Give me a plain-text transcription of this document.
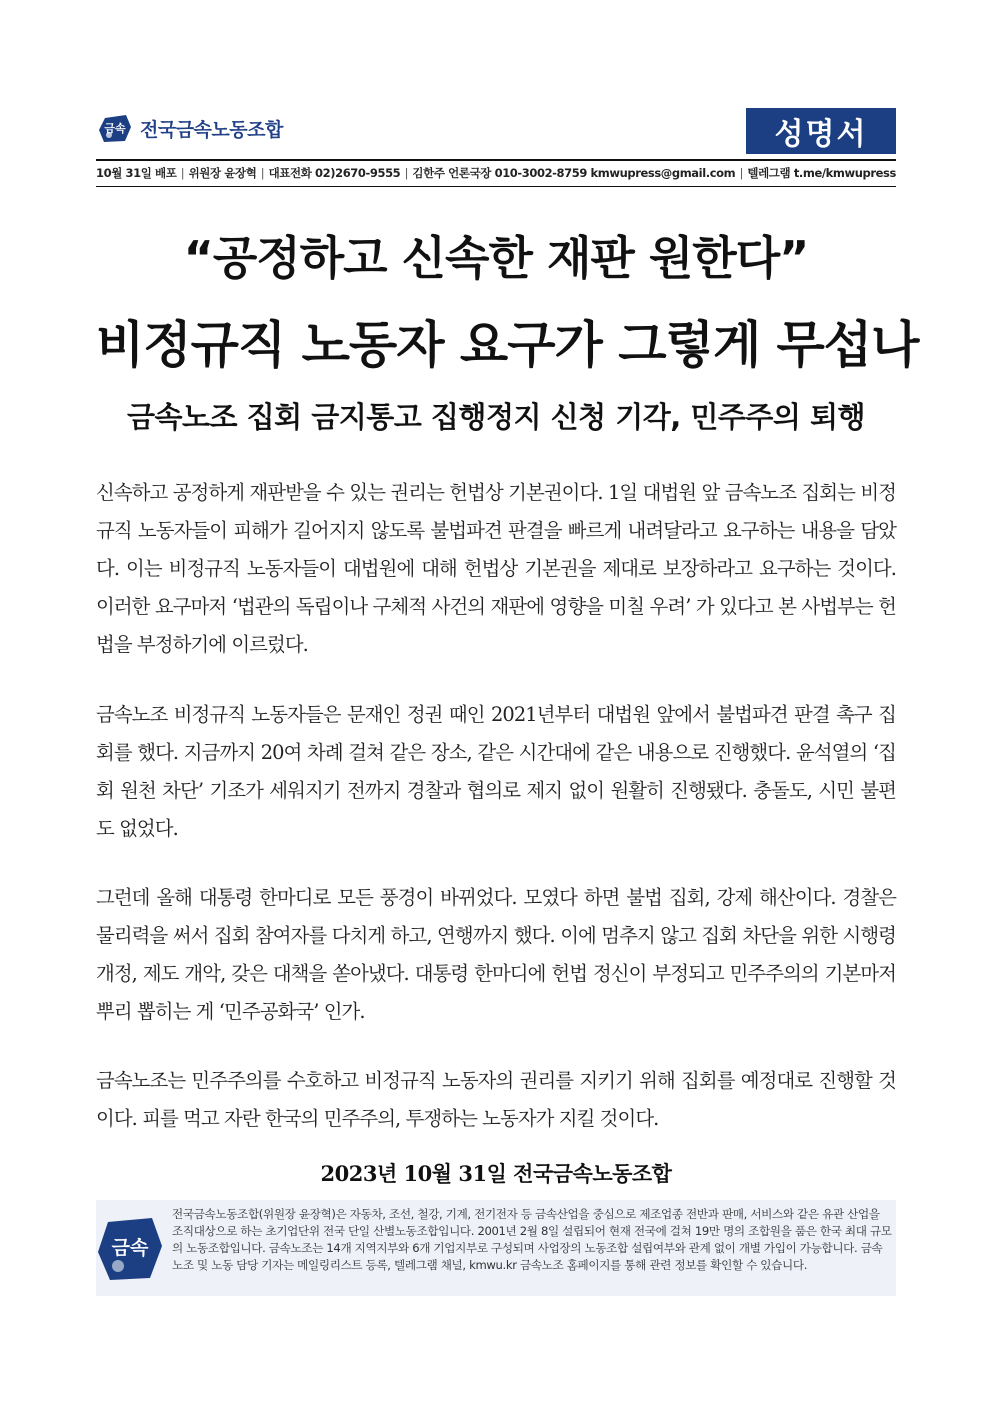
금속 전국금속노동조합	성명서
10월 31일 배포 | 위원장 윤장혁 | 대표전화 02)2670-9555 | 김한주 언론국장 010-3002-8759 kmwupress@gmail.com | 텔레그램 t.me/kmwupress
“공정하고 신속한 재판 원한다”
비정규직 노동자 요구가 그렇게 무섭나
금속노조 집회 금지통고 집행정지 신청 기각, 민주주의 퇴행

신속하고 공정하게 재판받을 수 있는 권리는 헌법상 기본권이다. 1일 대법원 앞 금속노조 집회는 비정규직 노동자들이 피해가 길어지지 않도록 불법파견 판결을 빠르게 내려달라고 요구하는 내용을 담았다. 이는 비정규직 노동자들이 대법원에 대해 헌법상 기본권을 제대로 보장하라고 요구하는 것이다. 이러한 요구마저 ‘법관의 독립이나 구체적 사건의 재판에 영향을 미칠 우려’ 가 있다고 본 사법부는 헌법을 부정하기에 이르렀다.

금속노조 비정규직 노동자들은 문재인 정권 때인 2021년부터 대법원 앞에서 불법파견 판결 촉구 집회를 했다. 지금까지 20여 차례 걸쳐 같은 장소, 같은 시간대에 같은 내용으로 진행했다. 윤석열의 ‘집회 원천 차단’ 기조가 세워지기 전까지 경찰과 협의로 제지 없이 원활히 진행됐다. 충돌도, 시민 불편도 없었다.

그런데 올해 대통령 한마디로 모든 풍경이 바뀌었다. 모였다 하면 불법 집회, 강제 해산이다. 경찰은 물리력을 써서 집회 참여자를 다치게 하고, 연행까지 했다. 이에 멈추지 않고 집회 차단을 위한 시행령 개정, 제도 개악, 갖은 대책을 쏟아냈다. 대통령 한마디에 헌법 정신이 부정되고 민주주의의 기본마저 뿌리 뽑히는 게 ‘민주공화국’ 인가.

금속노조는 민주주의를 수호하고 비정규직 노동자의 권리를 지키기 위해 집회를 예정대로 진행할 것이다. 피를 먹고 자란 한국의 민주주의, 투쟁하는 노동자가 지킬 것이다.

2023년 10월 31일 전국금속노동조합
금속

전국금속노동조합(위원장 윤장혁)은 자동차, 조선, 철강, 기계, 전기전자 등 금속산업을 중심으로 제조업종 전반과 판매, 서비스와 같은 유관 산업을 조직대상으로 하는 초기업단위 전국 단일 산별노동조합입니다. 2001년 2월 8일 설립되어 현재 전국에 걸쳐 19만 명의 조합원을 품은 한국 최대 규모의 노동조합입니다. 금속노조는 14개 지역지부와 6개 기업지부로 구성되며 사업장의 노동조합 설립여부와 관계 없이 개별 가입이 가능합니다. 금속노조 및 노동 담당 기자는 메일링리스트 등록, 텔레그램 채널, kmwu.kr 금속노조 홈페이지를 통해 관련 정보를 확인할 수 있습니다.
